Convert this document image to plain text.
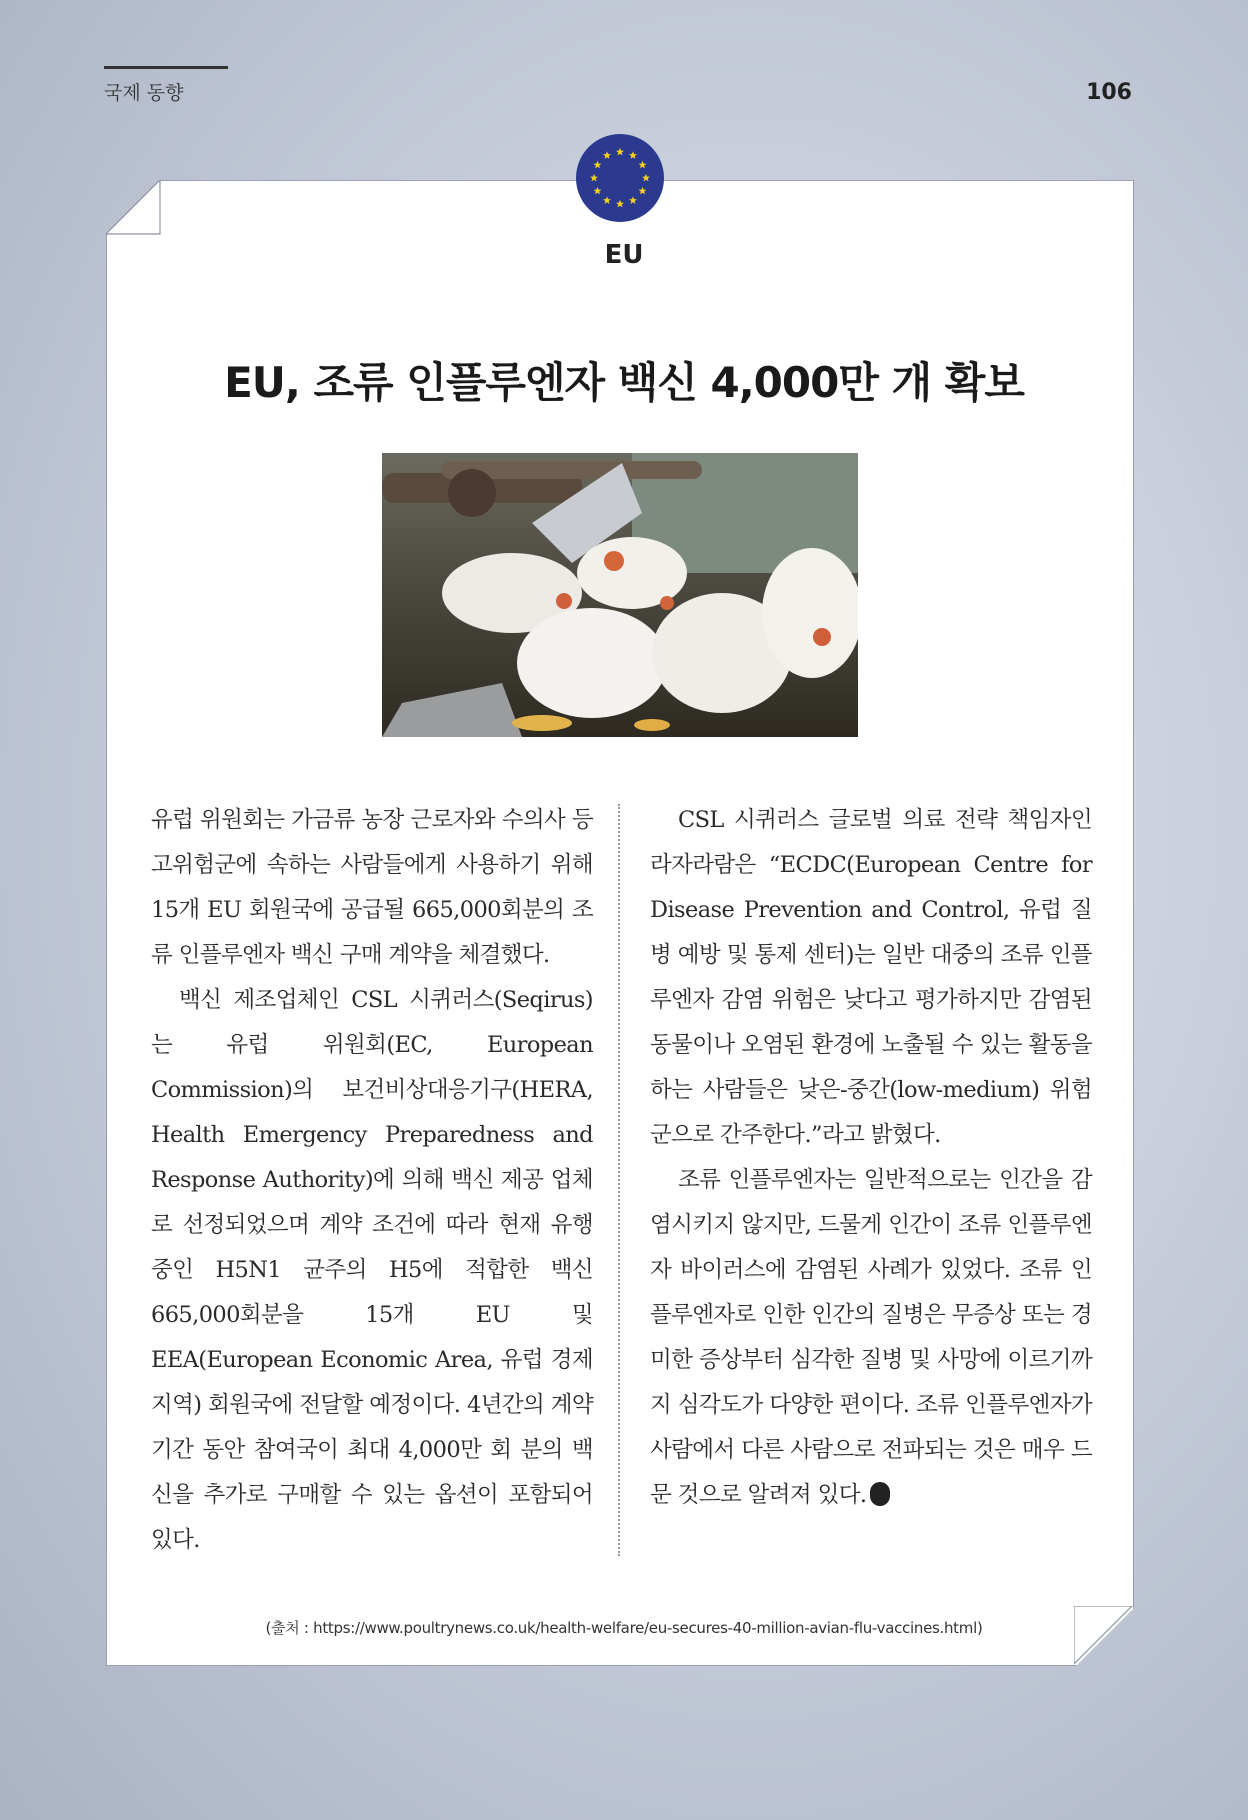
국제 동향	106
EU
EU, 조류 인플루엔자 백신 4,000만 개 확보

유럽 위원회는 가금류 농장 근로자와 수의사 등 고위험군에 속하는 사람들에게 사용하기 위해 15개 EU 회원국에 공급될 665,000회분의 조류 인플루엔자 백신 구매 계약을 체결했다.

백신 제조업체인 CSL 시퀴러스(Seqirus)는 유럽 위원회(EC, European Commission)의 보건비상대응기구(HERA, Health Emergency Preparedness and Response Authority)에 의해 백신 제공 업체로 선정되었으며 계약 조건에 따라 현재 유행 중인 H5N1 균주의 H5에 적합한 백신 665,000회분을 15개 EU 및 EEA(European Economic Area, 유럽 경제 지역) 회원국에 전달할 예정이다. 4년간의 계약 기간 동안 참여국이 최대 4,000만 회 분의 백신을 추가로 구매할 수 있는 옵션이 포함되어 있다.

CSL 시퀴러스 글로벌 의료 전략 책임자인 라자라람은 “ECDC(European Centre for Disease Prevention and Control, 유럽 질병 예방 및 통제 센터)는 일반 대중의 조류 인플루엔자 감염 위험은 낮다고 평가하지만 감염된 동물이나 오염된 환경에 노출될 수 있는 활동을 하는 사람들은 낮은-중간(low-medium) 위험군으로 간주한다.”라고 밝혔다.

조류 인플루엔자는 일반적으로는 인간을 감염시키지 않지만, 드물게 인간이 조류 인플루엔자 바이러스에 감염된 사례가 있었다. 조류 인플루엔자로 인한 인간의 질병은 무증상 또는 경미한 증상부터 심각한 질병 및 사망에 이르기까지 심각도가 다양한 편이다. 조류 인플루엔자가 사람에서 다른 사람으로 전파되는 것은 매우 드문 것으로 알려져 있다.

(출처 : https://www.poultrynews.co.uk/health-welfare/eu-secures-40-million-avian-flu-vaccines.html)
